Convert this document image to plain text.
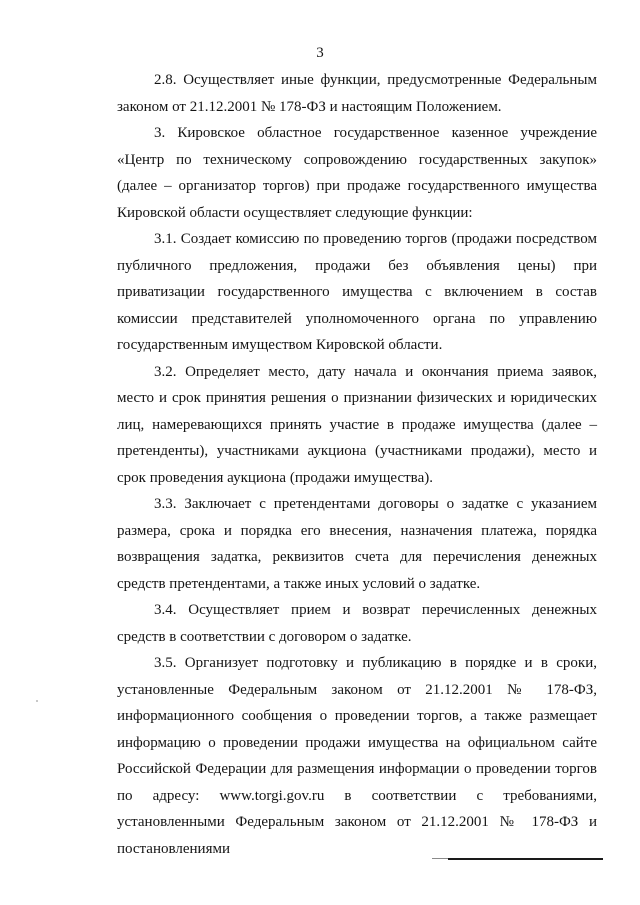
3

2.8. Осуществляет иные функции, предусмотренные Федеральным законом от 21.12.2001 № 178-ФЗ и настоящим Положением.

3. Кировское областное государственное казенное учреждение «Центр по техническому сопровождению государственных закупок» (далее – организатор торгов) при продаже государственного имущества Кировской области осуществляет следующие функции:

3.1. Создает комиссию по проведению торгов (продажи посредством публичного предложения, продажи без объявления цены) при приватизации государственного имущества с включением в состав комиссии представителей уполномоченного органа по управлению государственным имуществом Кировской области.

3.2. Определяет место, дату начала и окончания приема заявок, место и срок принятия решения о признании физических и юридических лиц, намеревающихся принять участие в продаже имущества (далее – претенденты), участниками аукциона (участниками продажи), место и срок проведения аукциона (продажи имущества).

3.3. Заключает с претендентами договоры о задатке с указанием размера, срока и порядка его внесения, назначения платежа, порядка возвращения задатка, реквизитов счета для перечисления денежных средств претендентами, а также иных условий о задатке.

3.4. Осуществляет прием и возврат перечисленных денежных средств в соответствии с договором о задатке.

3.5. Организует подготовку и публикацию в порядке и в сроки, установленные Федеральным законом от 21.12.2001 № 178-ФЗ, информационного сообщения о проведении торгов, а также размещает информацию о проведении продажи имущества на официальном сайте Российской Федерации для размещения информации о проведении торгов по адресу: www.torgi.gov.ru в соответствии с требованиями, установленными Федеральным законом от 21.12.2001 № 178-ФЗ и постановлениями
